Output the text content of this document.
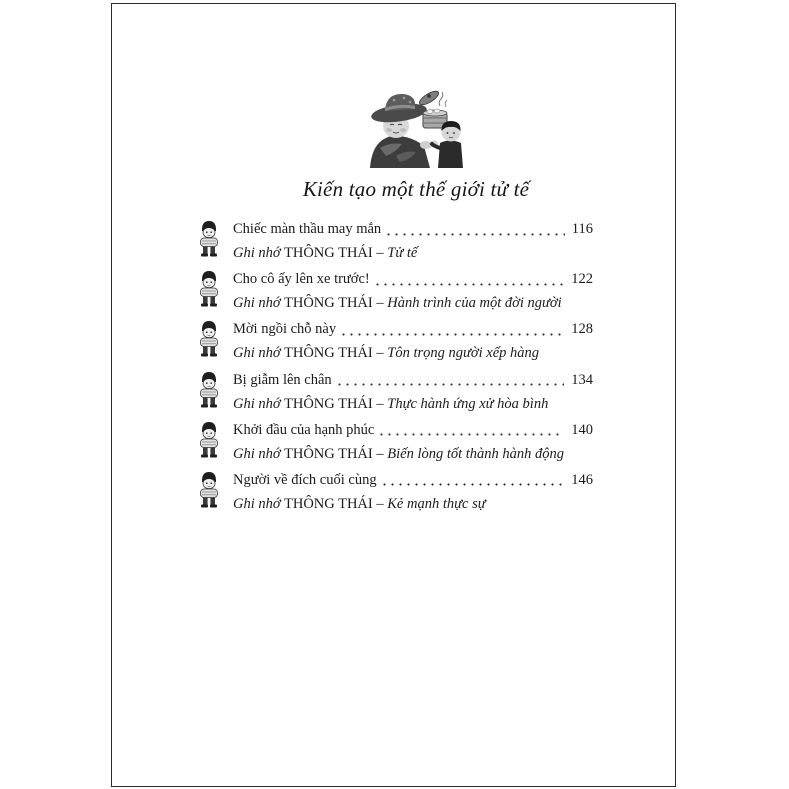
Kiến tạo một thế giới tử tế
Chiếc màn thầu may mắn	116
Ghi nhớ THÔNG THÁI – Tử tế
Cho cô ấy lên xe trước!	122
Ghi nhớ THÔNG THÁI – Hành trình của một đời người
Mời ngồi chỗ này	128
Ghi nhớ THÔNG THÁI – Tôn trọng người xếp hàng
Bị giẫm lên chân	134
Ghi nhớ THÔNG THÁI – Thực hành ứng xử hòa bình
Khởi đầu của hạnh phúc	140
Ghi nhớ THÔNG THÁI – Biến lòng tốt thành hành động
Người về đích cuối cùng	146
Ghi nhớ THÔNG THÁI – Kẻ mạnh thực sự
